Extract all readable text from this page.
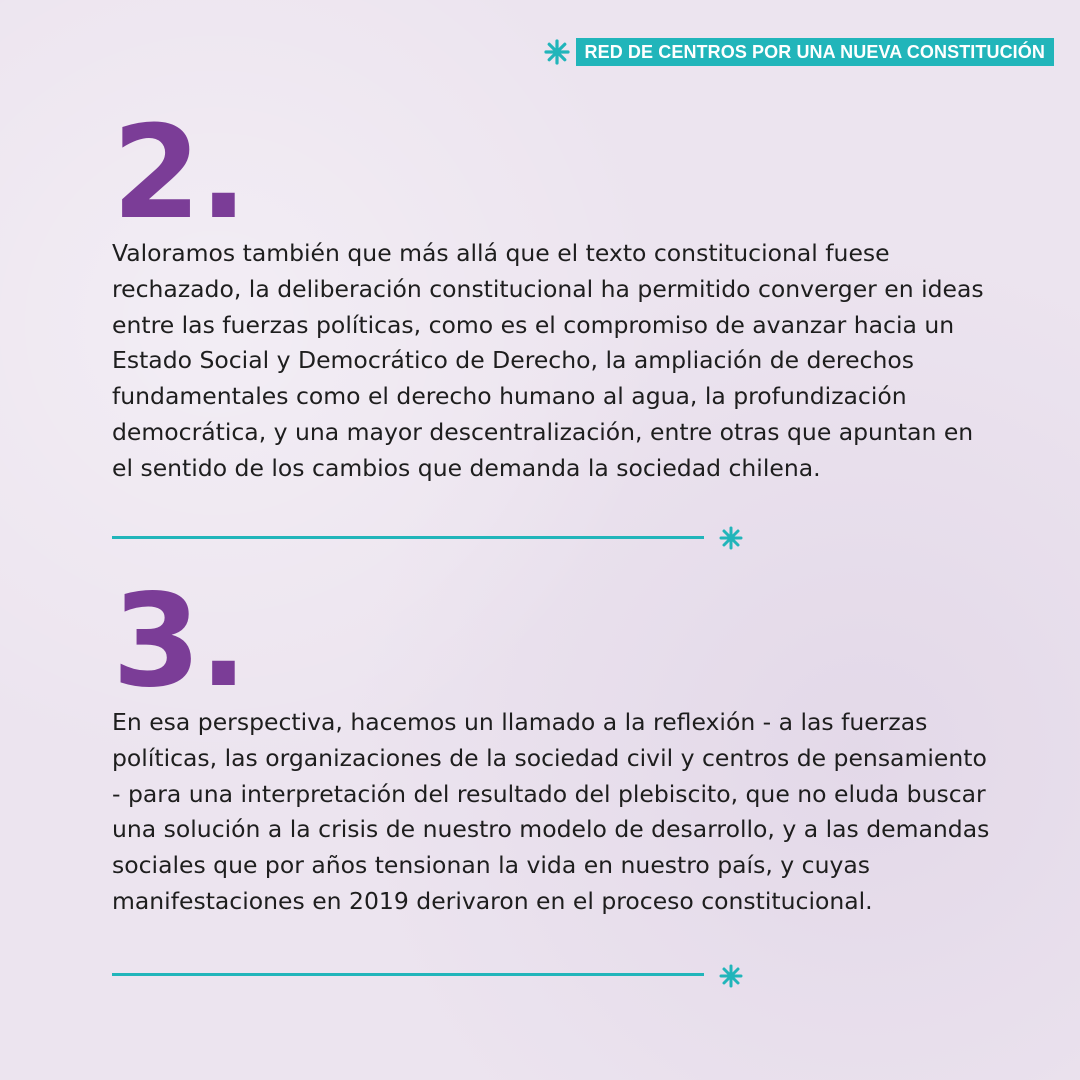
RED DE CENTROS POR UNA NUEVA CONSTITUCIÓN
2.

Valoramos también que más allá que el texto constitucional fuese rechazado, la deliberación constitucional ha permitido converger en ideas entre las fuerzas políticas, como es el compromiso de avanzar hacia un Estado Social y Democrático de Derecho, la ampliación de derechos fundamentales como el derecho humano al agua, la profundización democrática, y una mayor descentralización, entre otras que apuntan en el sentido de los cambios que demanda la sociedad chilena.

3.

En esa perspectiva, hacemos un llamado a la reflexión - a las fuerzas políticas, las organizaciones de la sociedad civil y centros de pensamiento - para una interpretación del resultado del plebiscito, que no eluda buscar una solución a la crisis de nuestro modelo de desarrollo, y a las demandas sociales que por años tensionan la vida en nuestro país, y cuyas manifestaciones en 2019 derivaron en el proceso constitucional.
